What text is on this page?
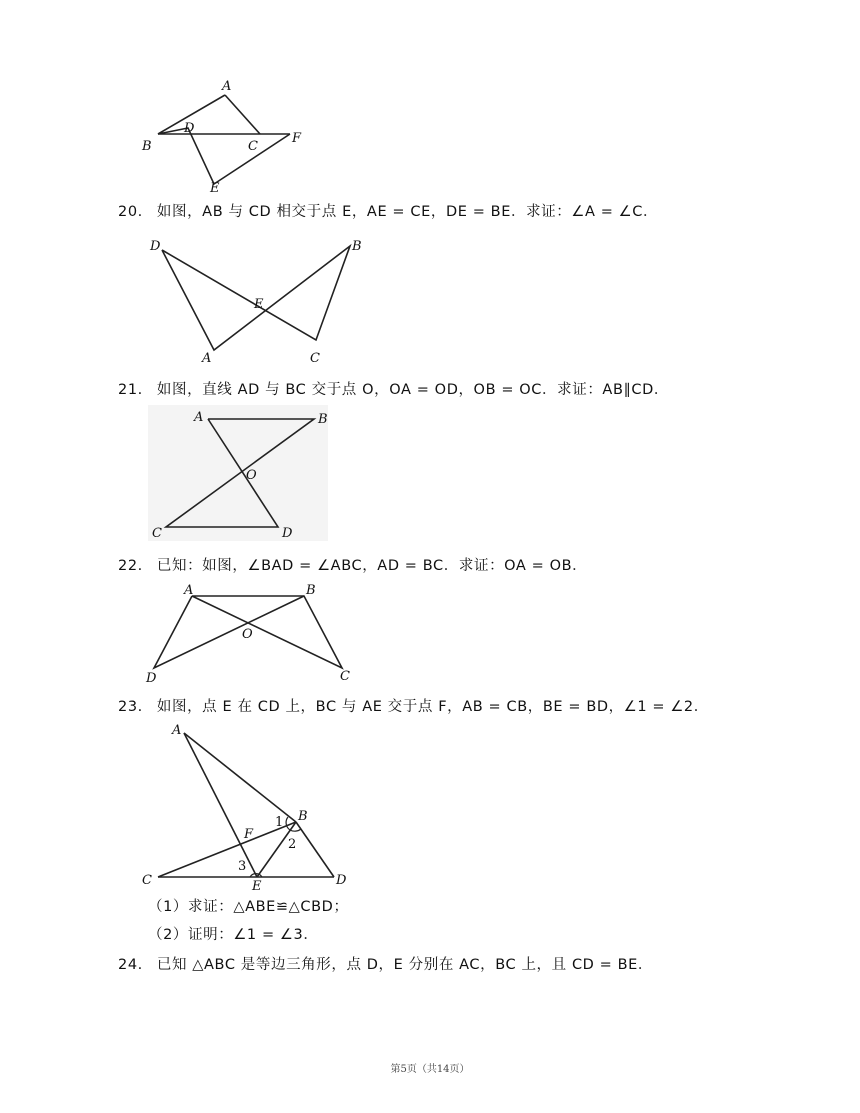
A
B
D
C
F
E
20. 如图，AB 与 CD 相交于点 E，AE = CE，DE = BE．求证：∠A = ∠C．
D	B
E
A	C
21. 如图，直线 AD 与 BC 交于点 O，OA = OD，OB = OC．求证：AB∥CD．
A	B
O
C	D
22. 已知：如图，∠BAD = ∠ABC，AD = BC．求证：OA = OB．
A	B
O
D	C
23. 如图，点 E 在 CD 上，BC 与 AE 交于点 F，AB = CB，BE = BD，∠1 = ∠2．
A
B
1
2
F
3
C	E	D
（1）求证：△ABE≌△CBD；
（2）证明：∠1 = ∠3．
24. 已知 △ABC 是等边三角形，点 D，E 分别在 AC，BC 上，且 CD = BE．
第5页（共14页）
